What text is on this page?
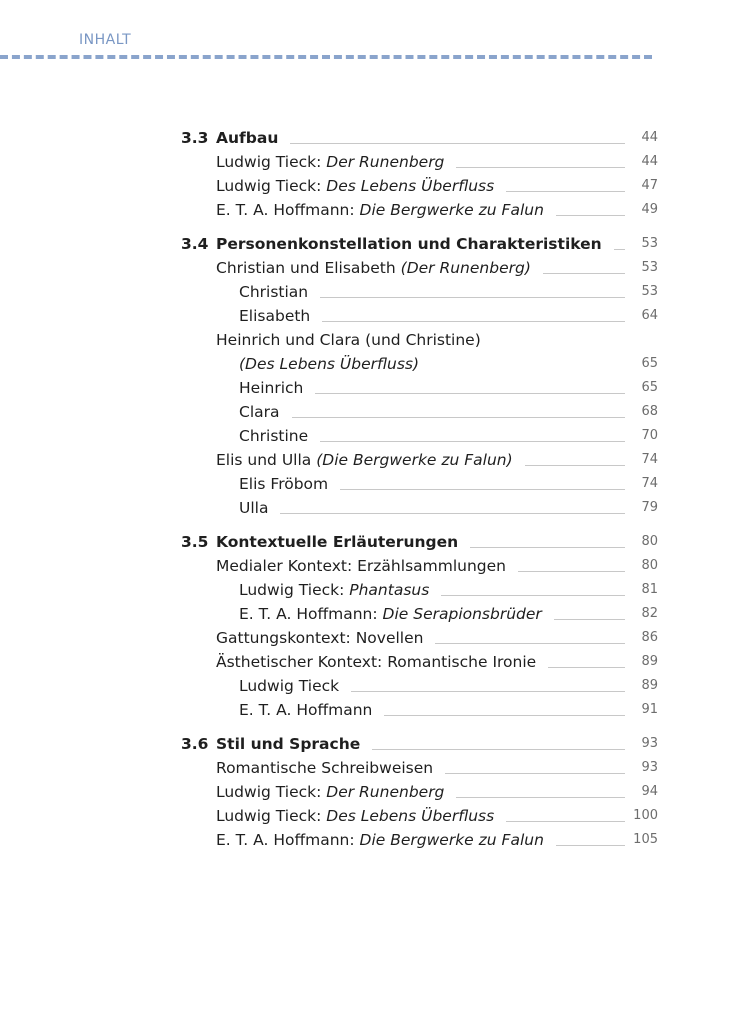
INHALT
3.3 Aufbau	44
Ludwig Tieck: Der Runenberg	44
Ludwig Tieck: Des Lebens Überfluss	47
E. T. A. Hoffmann: Die Bergwerke zu Falun	49
3.4 Personenkonstellation und Charakteristiken	53
Christian und Elisabeth (Der Runenberg)	53
Christian	53
Elisabeth	64
Heinrich und Clara (und Christine)
(Des Lebens Überfluss)	65
Heinrich	65
Clara	68
Christine	70
Elis und Ulla (Die Bergwerke zu Falun)	74
Elis Fröbom	74
Ulla	79
3.5 Kontextuelle Erläuterungen	80
Medialer Kontext: Erzählsammlungen	80
Ludwig Tieck: Phantasus	81
E. T. A. Hoffmann: Die Serapionsbrüder	82
Gattungskontext: Novellen	86
Ästhetischer Kontext: Romantische Ironie	89
Ludwig Tieck	89
E. T. A. Hoffmann	91
3.6 Stil und Sprache	93
Romantische Schreibweisen	93
Ludwig Tieck: Der Runenberg	94
Ludwig Tieck: Des Lebens Überfluss	100
E. T. A. Hoffmann: Die Bergwerke zu Falun	105
